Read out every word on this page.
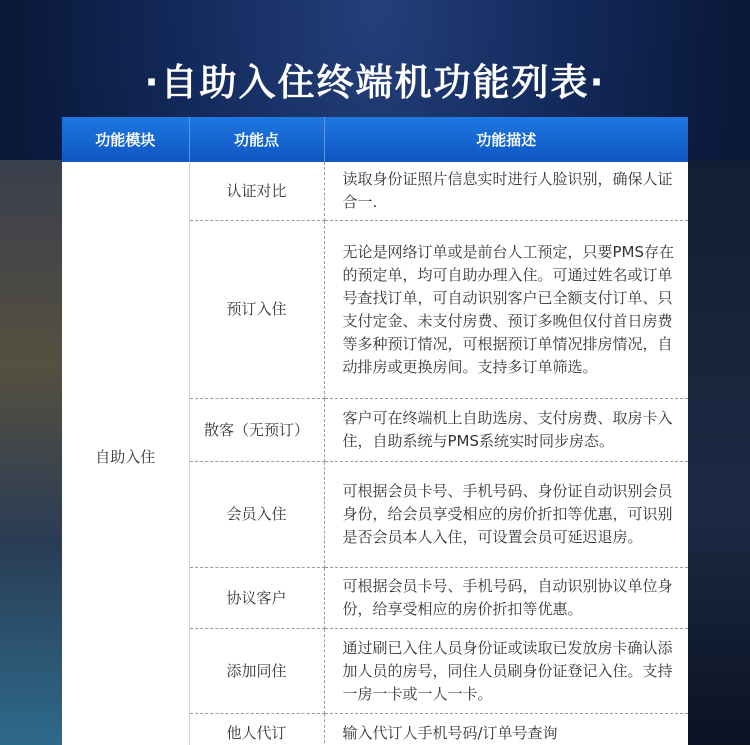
·自助入住终端机功能列表·
功能模块	功能点	功能描述
自助入住	认证对比	读取身份证照片信息实时进行人脸识别，确保人证合一.
	预订入住	无论是网络订单或是前台人工预定，只要PMS存在的预定单，均可自助办理入住。可通过姓名或订单号查找订单，可自动识别客户已全额支付订单、只支付定金、未支付房费、预订多晚但仅付首日房费等多种预订情况，可根据预订单情况排房情况，自动排房或更换房间。支持多订单筛选。
	散客（无预订）	客户可在终端机上自助选房、支付房费、取房卡入住，自助系统与PMS系统实时同步房态。
	会员入住	可根据会员卡号、手机号码、身份证自动识别会员身份，给会员享受相应的房价折扣等优惠，可识别是否会员本人入住，可设置会员可延迟退房。
	协议客户	可根据会员卡号、手机号码，自动识别协议单位身份，给享受相应的房价折扣等优惠。
	添加同住	通过刷已入住人员身份证或读取已发放房卡确认添加人员的房号，同住人员刷身份证登记入住。支持一房一卡或一人一卡。
	他人代订	输入代订人手机号码/订单号查询
